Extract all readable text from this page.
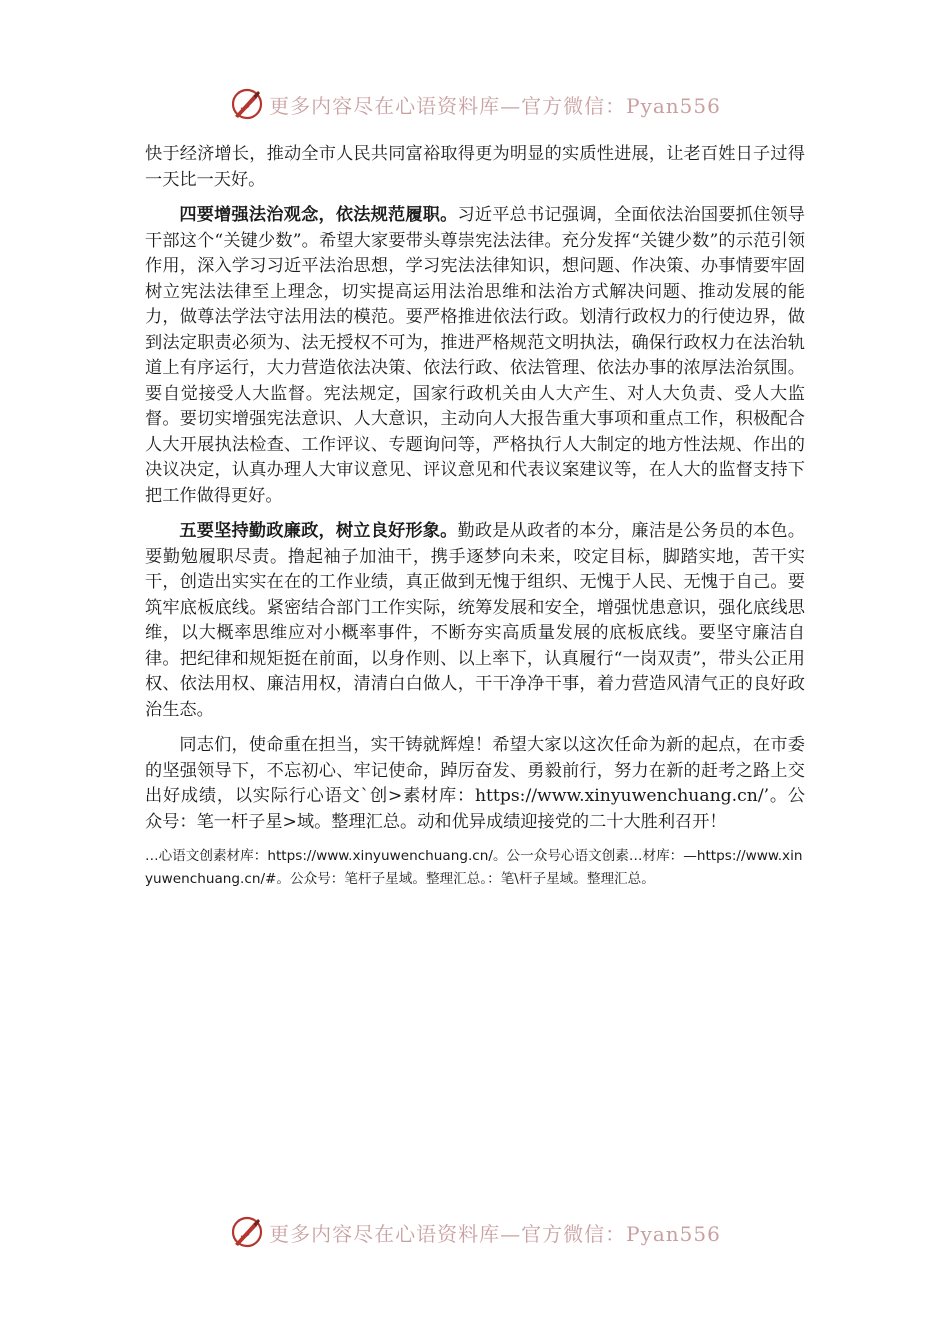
更多内容尽在心语资料库—官方微信：Pyan556

快于经济增长，推动全市人民共同富裕取得更为明显的实质性进展，让老百姓日子过得一天比一天好。

四要增强法治观念，依法规范履职。习近平总书记强调，全面依法治国要抓住领导干部这个“关键少数”。希望大家要带头尊崇宪法法律。充分发挥“关键少数”的示范引领作用，深入学习习近平法治思想，学习宪法法律知识，想问题、作决策、办事情要牢固树立宪法法律至上理念，切实提高运用法治思维和法治方式解决问题、推动发展的能力，做尊法学法守法用法的模范。要严格推进依法行政。划清行政权力的行使边界，做到法定职责必须为、法无授权不可为，推进严格规范文明执法，确保行政权力在法治轨道上有序运行，大力营造依法决策、依法行政、依法管理、依法办事的浓厚法治氛围。要自觉接受人大监督。宪法规定，国家行政机关由人大产生、对人大负责、受人大监督。要切实增强宪法意识、人大意识，主动向人大报告重大事项和重点工作，积极配合人大开展执法检查、工作评议、专题询问等，严格执行人大制定的地方性法规、作出的决议决定，认真办理人大审议意见、评议意见和代表议案建议等，在人大的监督支持下把工作做得更好。

五要坚持勤政廉政，树立良好形象。勤政是从政者的本分，廉洁是公务员的本色。要勤勉履职尽责。撸起袖子加油干，携手逐梦向未来，咬定目标，脚踏实地，苦干实干，创造出实实在在的工作业绩，真正做到无愧于组织、无愧于人民、无愧于自己。要筑牢底板底线。紧密结合部门工作实际，统筹发展和安全，增强忧患意识，强化底线思维，以大概率思维应对小概率事件，不断夯实高质量发展的底板底线。要坚守廉洁自律。把纪律和规矩挺在前面，以身作则、以上率下，认真履行“一岗双责”，带头公正用权、依法用权、廉洁用权，清清白白做人，干干净净干事，着力营造风清气正的良好政治生态。

同志们，使命重在担当，实干铸就辉煌！希望大家以这次任命为新的起点，在市委的坚强领导下，不忘初心、牢记使命，踔厉奋发、勇毅前行，努力在新的赶考之路上交出好成绩，以实际行心语文`创>素材库：https://www.xinyuwenchuang.cn/’。公众号：笔一杆子星>域。整理汇总。动和优异成绩迎接党的二十大胜利召开！

…心语文创素材库：https://www.xinyuwenchuang.cn/。公一众号心语文创素…材库：—https://www.xinyuwenchuang.cn/#。公众号：笔杆子星域。整理汇总。：笔\杆子星域。整理汇总。

更多内容尽在心语资料库—官方微信：Pyan556
